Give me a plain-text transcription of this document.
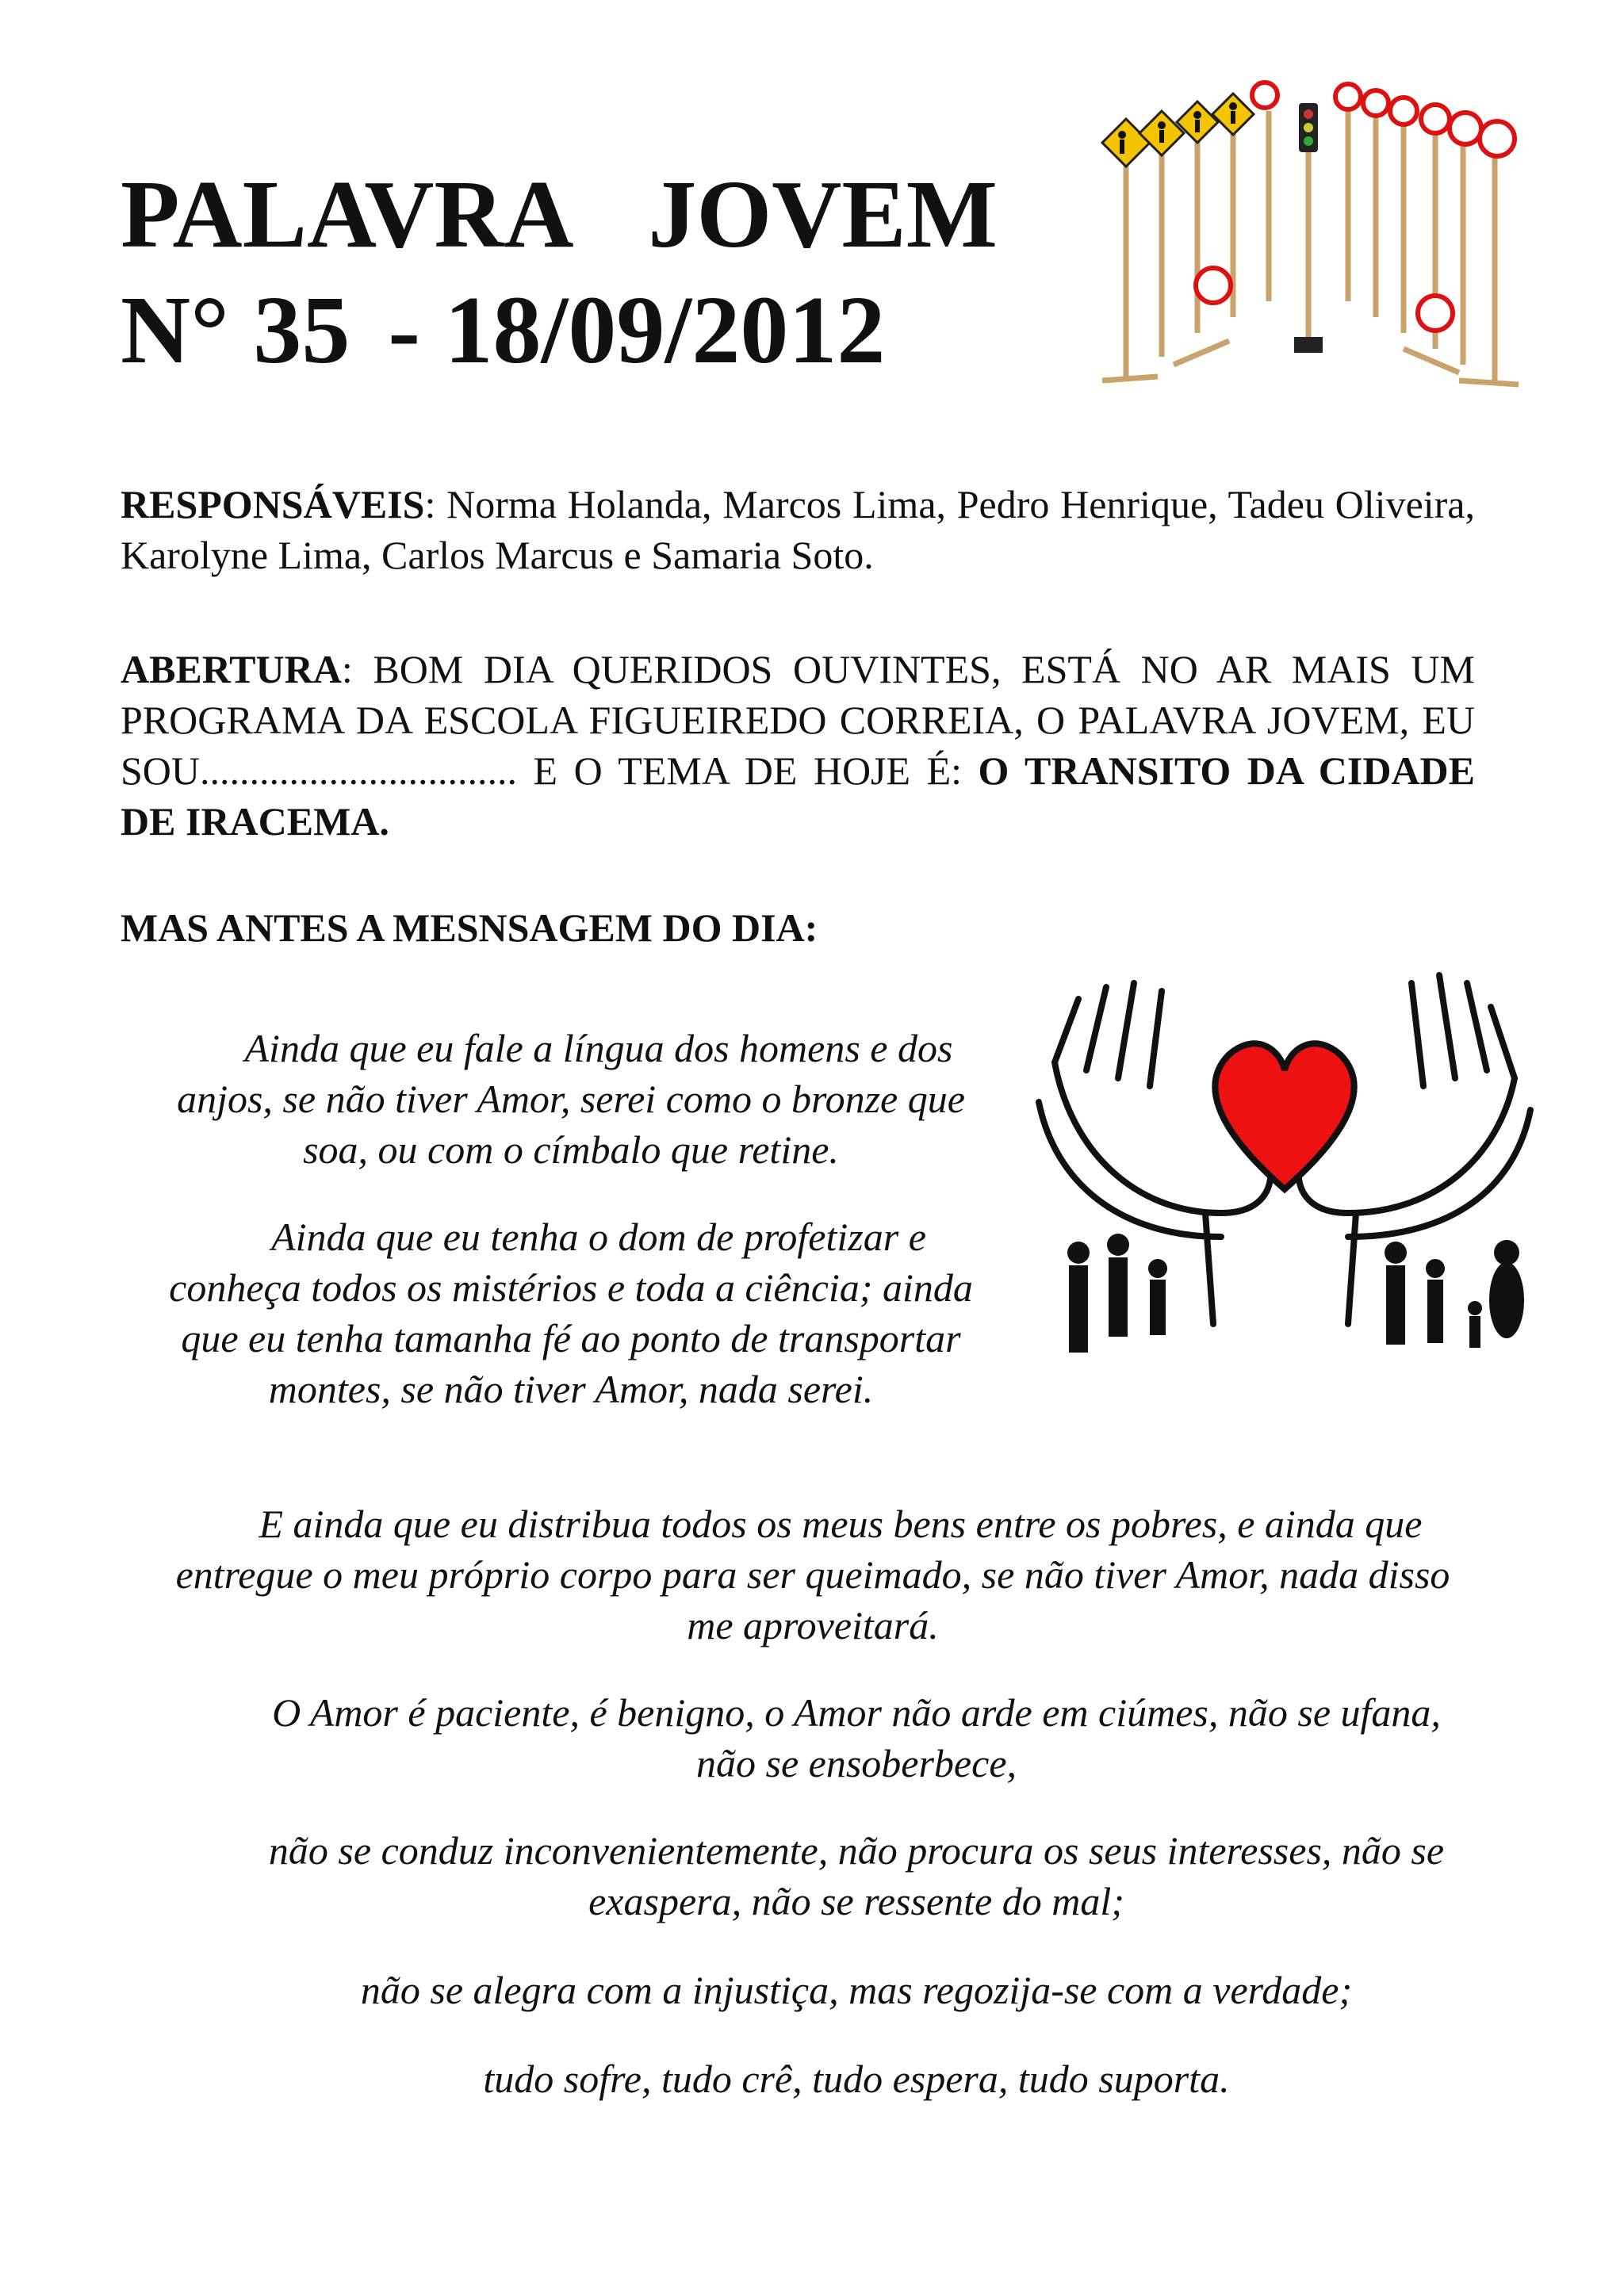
PALAVRA JOVEM
N° 35 - 18/09/2012

RESPONSÁVEIS: Norma Holanda, Marcos Lima, Pedro Henrique, Tadeu Oliveira, Karolyne Lima, Carlos Marcus e Samaria Soto.

ABERTURA: BOM DIA QUERIDOS OUVINTES, ESTÁ NO AR MAIS UM PROGRAMA DA ESCOLA FIGUEIREDO CORREIA, O PALAVRA JOVEM, EU SOU................................ E O TEMA DE HOJE É: O TRANSITO DA CIDADE DE IRACEMA.

MAS ANTES A MESNSAGEM DO DIA:

Ainda que eu fale a língua dos homens e dos anjos, se não tiver Amor, serei como o bronze que soa, ou com o címbalo que retine.

Ainda que eu tenha o dom de profetizar e conheça todos os mistérios e toda a ciência; ainda que eu tenha tamanha fé ao ponto de transportar montes, se não tiver Amor, nada serei.

E ainda que eu distribua todos os meus bens entre os pobres, e ainda que entregue o meu próprio corpo para ser queimado, se não tiver Amor, nada disso me aproveitará.

O Amor é paciente, é benigno, o Amor não arde em ciúmes, não se ufana, não se ensoberbece,

não se conduz inconvenientemente, não procura os seus interesses, não se exaspera, não se ressente do mal;

não se alegra com a injustiça, mas regozija-se com a verdade;

tudo sofre, tudo crê, tudo espera, tudo suporta.
